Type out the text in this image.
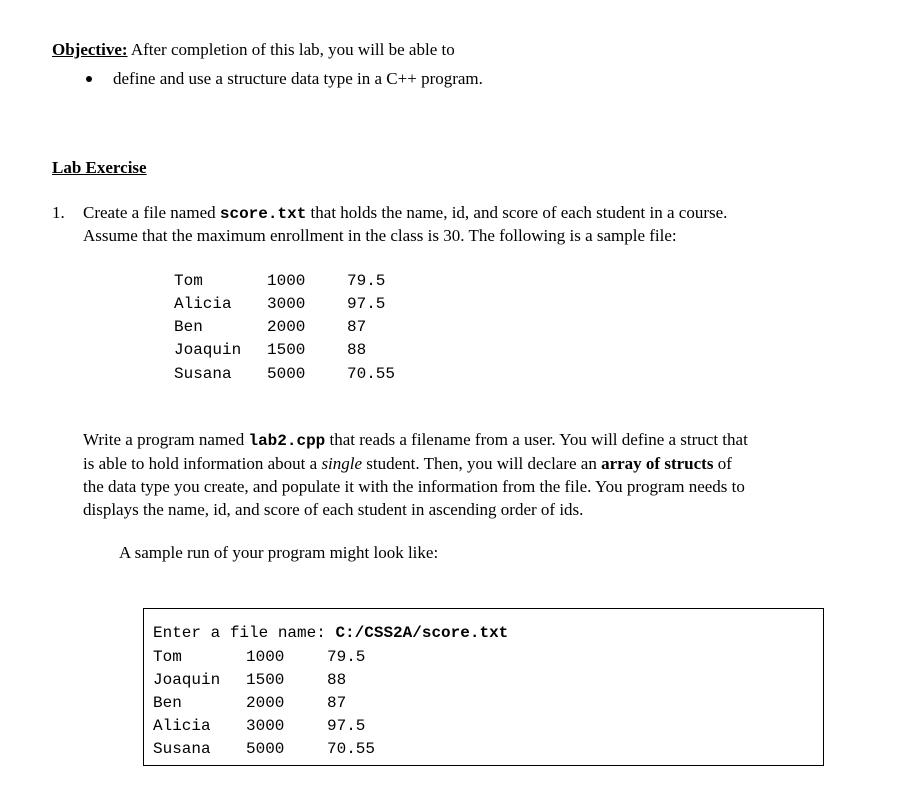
Objective: After completion of this lab, you will be able to
define and use a structure data type in a C++ program.
Lab Exercise
1. Create a file named score.txt that holds the name, id, and score of each student in a course.
Assume that the maximum enrollment in the class is 30. The following is a sample file:
Tom	1000	79.5
Alicia 3000	97.5
Ben	2000	87
Joaquin 1500	88
Susana 5000	70.55
Write a program named lab2.cpp that reads a filename from a user. You will define a struct that
is able to hold information about a single student. Then, you will declare an array of structs of
the data type you create, and populate it with the information from the file. You program needs to
displays the name, id, and score of each student in ascending order of ids.
A sample run of your program might look like:
Enter a file name: C:/CSS2A/score.txt
Tom	1000	79.5
Joaquin 1500	88
Ben	2000	87
Alicia 3000	97.5
Susana 5000	70.55
